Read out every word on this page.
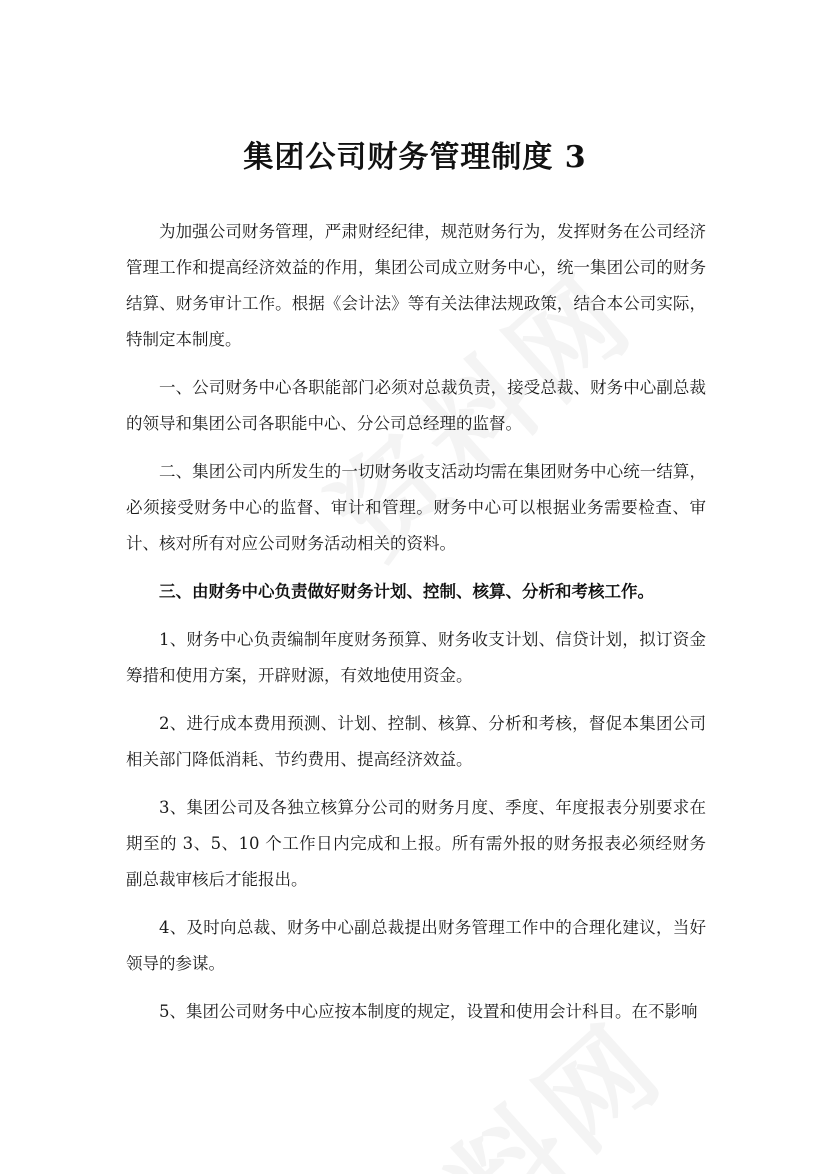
集团公司财务管理制度 3

为加强公司财务管理，严肃财经纪律，规范财务行为，发挥财务在公司经济管理工作和提高经济效益的作用，集团公司成立财务中心，统一集团公司的财务结算、财务审计工作。根据《会计法》等有关法律法规政策，结合本公司实际，特制定本制度。

一、公司财务中心各职能部门必须对总裁负责，接受总裁、财务中心副总裁的领导和集团公司各职能中心、分公司总经理的监督。

二、集团公司内所发生的一切财务收支活动均需在集团财务中心统一结算，必须接受财务中心的监督、审计和管理。财务中心可以根据业务需要检查、审计、核对所有对应公司财务活动相关的资料。

三、由财务中心负责做好财务计划、控制、核算、分析和考核工作。

1、财务中心负责编制年度财务预算、财务收支计划、信贷计划，拟订资金筹措和使用方案，开辟财源，有效地使用资金。

2、进行成本费用预测、计划、控制、核算、分析和考核，督促本集团公司相关部门降低消耗、节约费用、提高经济效益。

3、集团公司及各独立核算分公司的财务月度、季度、年度报表分别要求在期至的 3、5、10 个工作日内完成和上报。所有需外报的财务报表必须经财务副总裁审核后才能报出。

4、及时向总裁、财务中心副总裁提出财务管理工作中的合理化建议，当好领导的参谋。

5、集团公司财务中心应按本制度的规定，设置和使用会计科目。在不影响
